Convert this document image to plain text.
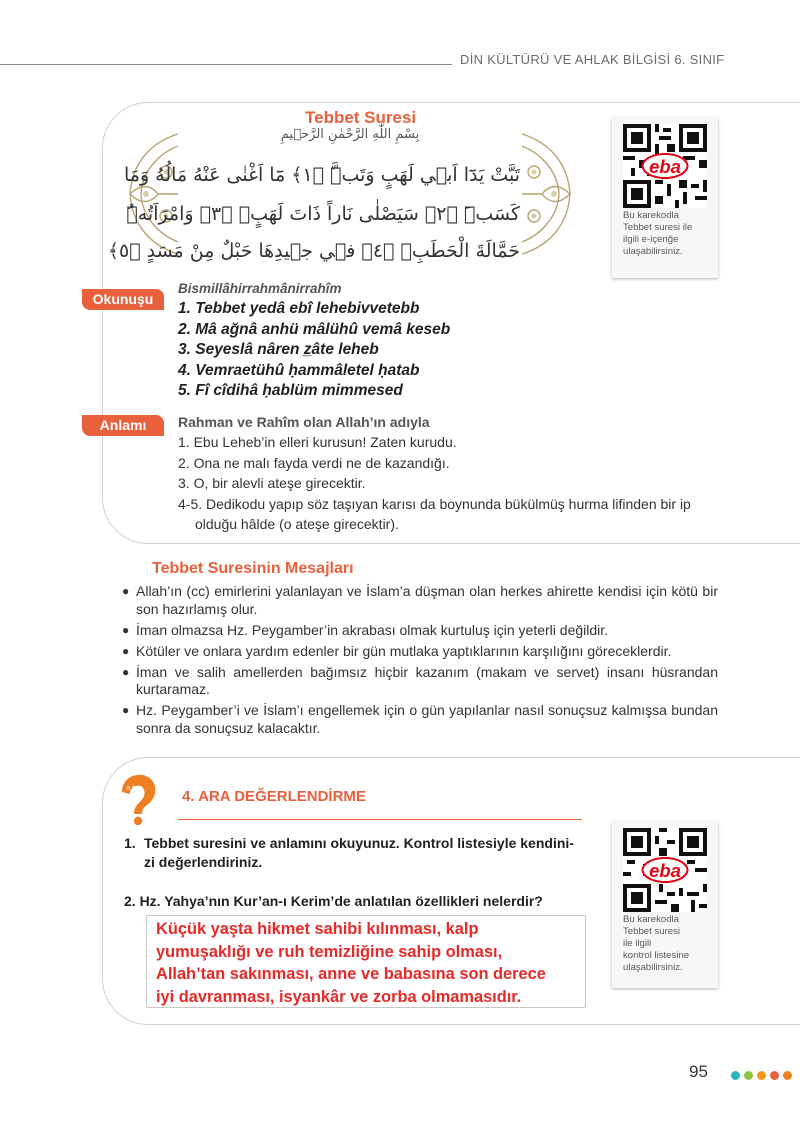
DİN KÜLTÜRÜ VE AHLAK BİLGİSİ 6. SINIF
Tebbet Suresi
بِسْمِ اللّٰهِ الرَّحْمٰنِ الرَّح۪يمِ
تَبَّتْ يَدَٓا اَب۪ي لَهَبٍ وَتَبَّۜ ﴿١﴾ مَٓا اَغْنٰى عَنْهُ مَالُهُ وَمَا
كَسَبَۜ ﴿٢﴾ سَيَصْلٰى نَاراً ذَاتَ لَهَبٍۚ ﴿٣﴾ وَامْرَاَتُهُۜ
حَمَّالَةَ الْحَطَبِۚ ﴿٤﴾ ف۪ي ج۪يدِهَا حَبْلٌ مِنْ مَسَدٍ ﴿٥﴾
eba
Bu karekodla
Tebbet suresi ile
ilgili e-içeriğe
ulaşabilirsiniz.
Okunuşu
Bismillâhirrahmânirrahîm
1. Tebbet yedâ ebî lehebivvetebb
2. Mâ ağnâ anhü mâlühû vemâ keseb
3. Seyeslâ nâren z̲âte leheb
4. Vemraetühû ḥammâletel ḥatab
5. Fî cîdihâ ḥablüm mimmesed
Anlamı	Rahman ve Rahîm olan Allah’ın adıyla
1. Ebu Leheb’in elleri kurusun! Zaten kurudu.
2. Ona ne malı fayda verdi ne de kazandığı.
3. O, bir alevli ateşe girecektir.
4-5. Dedikodu yapıp söz taşıyan karısı da boynunda bükülmüş hurma lifinden bir ip olduğu hâlde (o ateşe girecektir).
Tebbet Suresinin Mesajları
● Allah’ın (cc) emirlerini yalanlayan ve İslam’a düşman olan herkes ahirette kendisi için kötü bir son hazırlamış olur.
● İman olmazsa Hz. Peygamber’in akrabası olmak kurtuluş için yeterli değildir.
● Kötüler ve onlara yardım edenler bir gün mutlaka yaptıklarının karşılığını göreceklerdir.
● İman ve salih amellerden bağımsız hiçbir kazanım (makam ve servet) insanı hüsrandan kurtaramaz.
● Hz. Peygamber’i ve İslam’ı engellemek için o gün yapılanlar nasıl sonuçsuz kalmışsa bundan sonra da sonuçsuz kalacaktır.
a b c	4. ARA DEĞERLENDİRME
1. Tebbet suresini ve anlamını okuyunuz. Kontrol listesiyle kendini-
zi değerlendiriniz.
2. Hz. Yahya’nın Kur’an-ı Kerim’de anlatılan özellikleri nelerdir?
Küçük yaşta hikmet sahibi kılınması, kalp
yumuşaklığı ve ruh temizliğine sahip olması,
Allah’tan sakınması, anne ve babasına son derece
iyi davranması, isyankâr ve zorba olmamasıdır.
eba
Bu karekodla
Tebbet suresi
ile ilgili
kontrol listesine
ulaşabilirsiniz.
95
